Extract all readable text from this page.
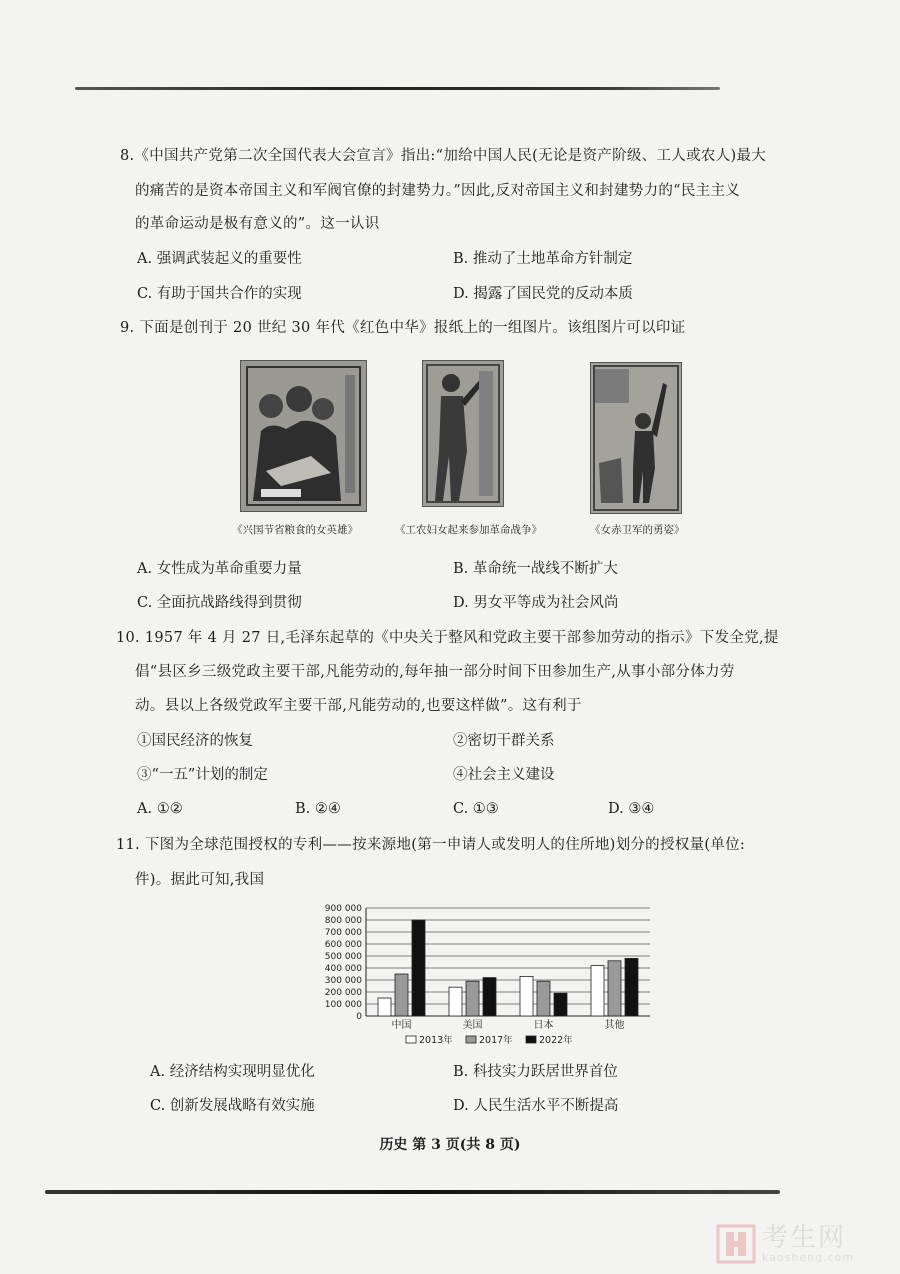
8.《中国共产党第二次全国代表大会宣言》指出:“加给中国人民(无论是资产阶级、工人或农人)最大
的痛苦的是资本帝国主义和军阀官僚的封建势力。”因此,反对帝国主义和封建势力的“民主主义
的革命运动是极有意义的”。这一认识
A. 强调武装起义的重要性	B. 推动了土地革命方针制定
C. 有助于国共合作的实现	D. 揭露了国民党的反动本质
9. 下面是创刊于 20 世纪 30 年代《红色中华》报纸上的一组图片。该组图片可以印证
《兴国节省粮食的女英雄》	《工农妇女起来参加革命战争》	《女赤卫军的勇姿》
A. 女性成为革命重要力量	B. 革命统一战线不断扩大
C. 全面抗战路线得到贯彻	D. 男女平等成为社会风尚
10. 1957 年 4 月 27 日,毛泽东起草的《中央关于整风和党政主要干部参加劳动的指示》下发全党,提
倡“县区乡三级党政主要干部,凡能劳动的,每年抽一部分时间下田参加生产,从事小部分体力劳
动。县以上各级党政军主要干部,凡能劳动的,也要这样做”。这有利于
①国民经济的恢复	②密切干群关系
③“一五”计划的制定	④社会主义建设
A. ①②	B. ②④	C. ①③	D. ③④
11. 下图为全球范围授权的专利——按来源地(第一申请人或发明人的住所地)划分的授权量(单位:
件)。据此可知,我国
0
100 000
200 000
300 000
400 000
500 000
600 000
700 000
800 000
900 000
中国	美国	日本	其他
2013年	2017年	2022年
A. 经济结构实现明显优化	B. 科技实力跃居世界首位
C. 创新发展战略有效实施	D. 人民生活水平不断提高
历史 第 3 页(共 8 页)
考生网
kaosheng.com
